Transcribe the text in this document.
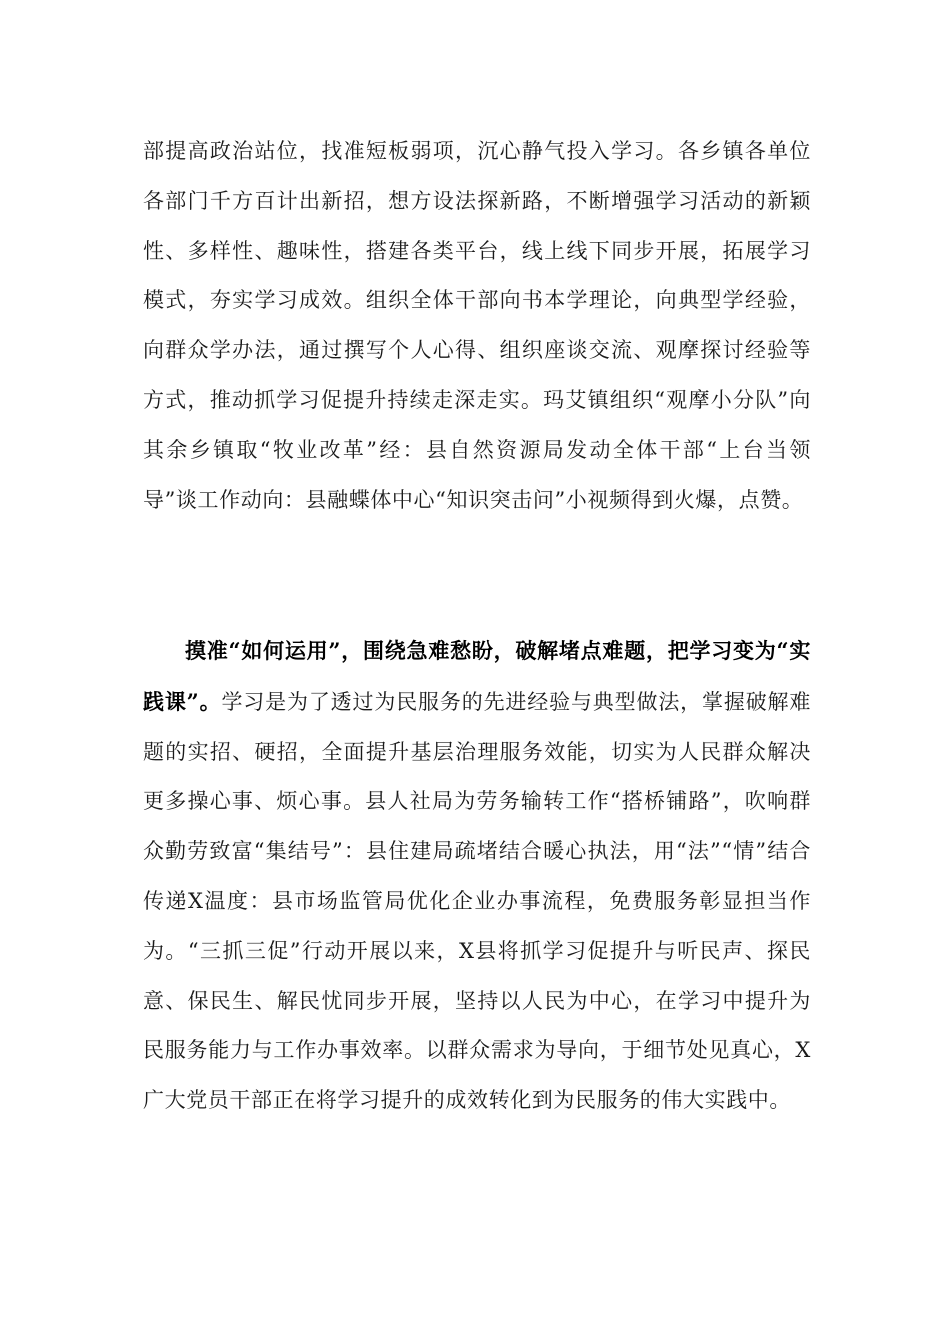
部提高政治站位，找准短板弱项，沉心静气投入学习。各乡镇各单位各部门千方百计出新招，想方设法探新路，不断增强学习活动的新颖性、多样性、趣味性，搭建各类平台，线上线下同步开展，拓展学习模式，夯实学习成效。组织全体干部向书本学理论，向典型学经验，向群众学办法，通过撰写个人心得、组织座谈交流、观摩探讨经验等方式，推动抓学习促提升持续走深走实。玛艾镇组织“观摩小分队”向其余乡镇取“牧业改革”经：县自然资源局发动全体干部“上台当领导”谈工作动向：县融蝶体中心“知识突击问”小视频得到火爆，点赞。

摸准“如何运用”，围绕急难愁盼，破解堵点难题，把学习变为“实践课”。学习是为了透过为民服务的先进经验与典型做法，掌握破解难题的实招、硬招，全面提升基层治理服务效能，切实为人民群众解决更多操心事、烦心事。县人社局为劳务输转工作“搭桥铺路”，吹响群众勤劳致富“集结号”：县住建局疏堵结合暖心执法，用“法”“情”结合传递X温度：县市场监管局优化企业办事流程，免费服务彰显担当作为。“三抓三促”行动开展以来，X县将抓学习促提升与听民声、探民意、保民生、解民忧同步开展，坚持以人民为中心，在学习中提升为民服务能力与工作办事效率。以群众需求为导向，于细节处见真心，X广大党员干部正在将学习提升的成效转化到为民服务的伟大实践中。
